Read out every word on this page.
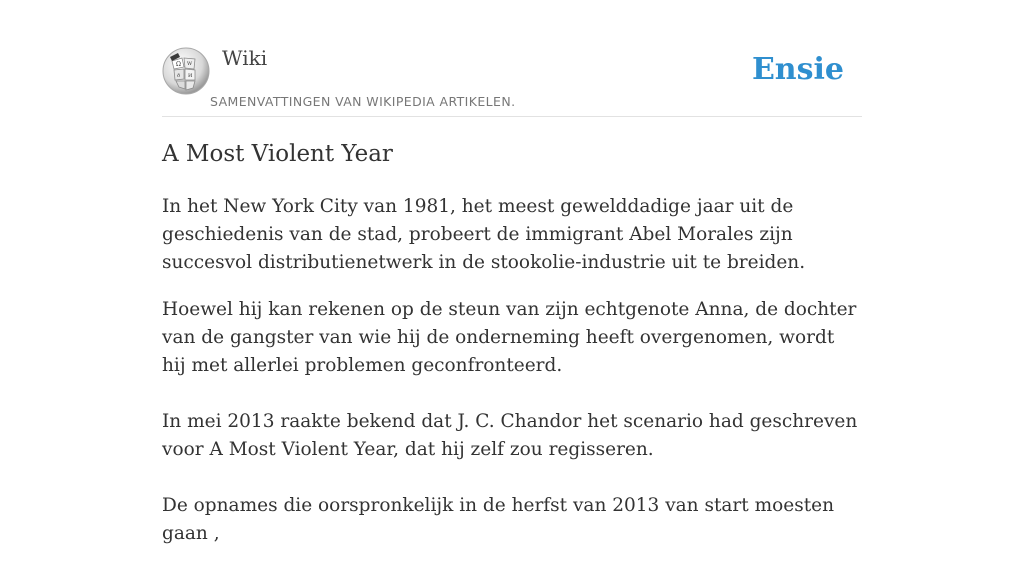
Ω W
ð И
Wiki
SAMENVATTINGEN VAN WIKIPEDIA ARTIKELEN.
Ensie
A Most Violent Year

In het New York City van 1981, het meest gewelddadige jaar uit de geschiedenis van de stad, probeert de immigrant Abel Morales zijn succesvol distributienetwerk in de stookolie-industrie uit te breiden.

Hoewel hij kan rekenen op de steun van zijn echtgenote Anna, de dochter van de gangster van wie hij de onderneming heeft overgenomen, wordt hij met allerlei problemen geconfronteerd.

In mei 2013 raakte bekend dat J. C. Chandor het scenario had geschreven voor A Most Violent Year, dat hij zelf zou regisseren.

De opnames die oorspronkelijk in de herfst van 2013 van start moesten gaan ,
